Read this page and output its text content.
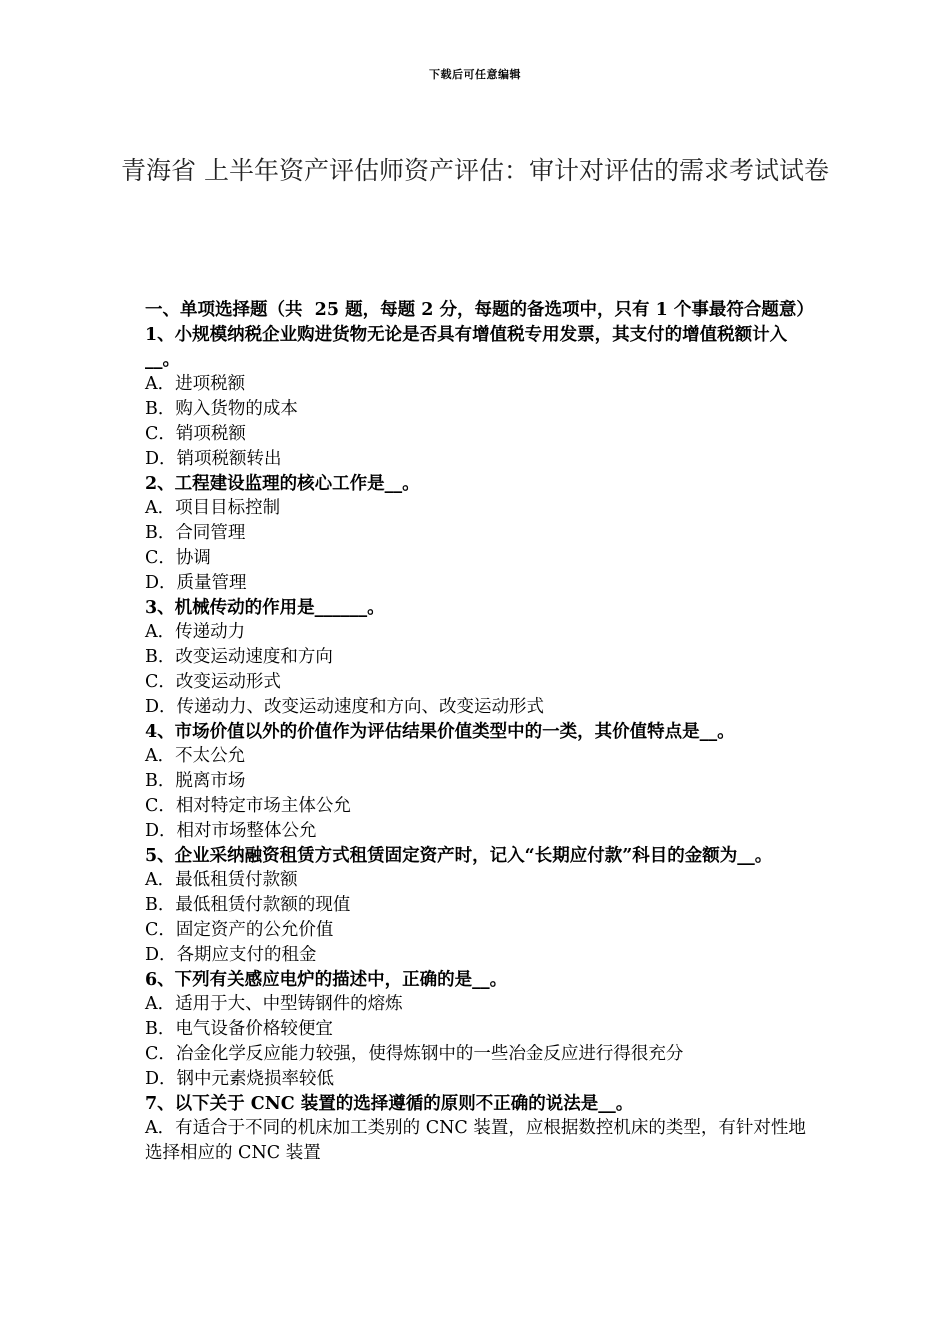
下载后可任意编辑
青海省 上半年资产评估师资产评估：审计对评估的需求考试试卷
一、单项选择题（共  25 题，每题 2 分，每题的备选项中，只有 1 个事最符合题意）
1、小规模纳税企业购进货物无论是否具有增值税专用发票，其支付的增值税额计入__。
A．进项税额
B．购入货物的成本
C．销项税额
D．销项税额转出
2、工程建设监理的核心工作是__。
A．项目目标控制
B．合同管理
C．协调
D．质量管理
3、机械传动的作用是______。
A．传递动力
B．改变运动速度和方向
C．改变运动形式
D．传递动力、改变运动速度和方向、改变运动形式
4、市场价值以外的价值作为评估结果价值类型中的一类，其价值特点是__。
A．不太公允
B．脱离市场
C．相对特定市场主体公允
D．相对市场整体公允
5、企业采纳融资租赁方式租赁固定资产时，记入“长期应付款”科目的金额为__。
A．最低租赁付款额
B．最低租赁付款额的现值
C．固定资产的公允价值
D．各期应支付的租金
6、下列有关感应电炉的描述中，正确的是__。
A．适用于大、中型铸钢件的熔炼
B．电气设备价格较便宜
C．冶金化学反应能力较强，使得炼钢中的一些冶金反应进行得很充分
D．钢中元素烧损率较低
7、以下关于 CNC 装置的选择遵循的原则不正确的说法是__。
A．有适合于不同的机床加工类别的 CNC 装置，应根据数控机床的类型，有针对性地选择相应的 CNC 装置
